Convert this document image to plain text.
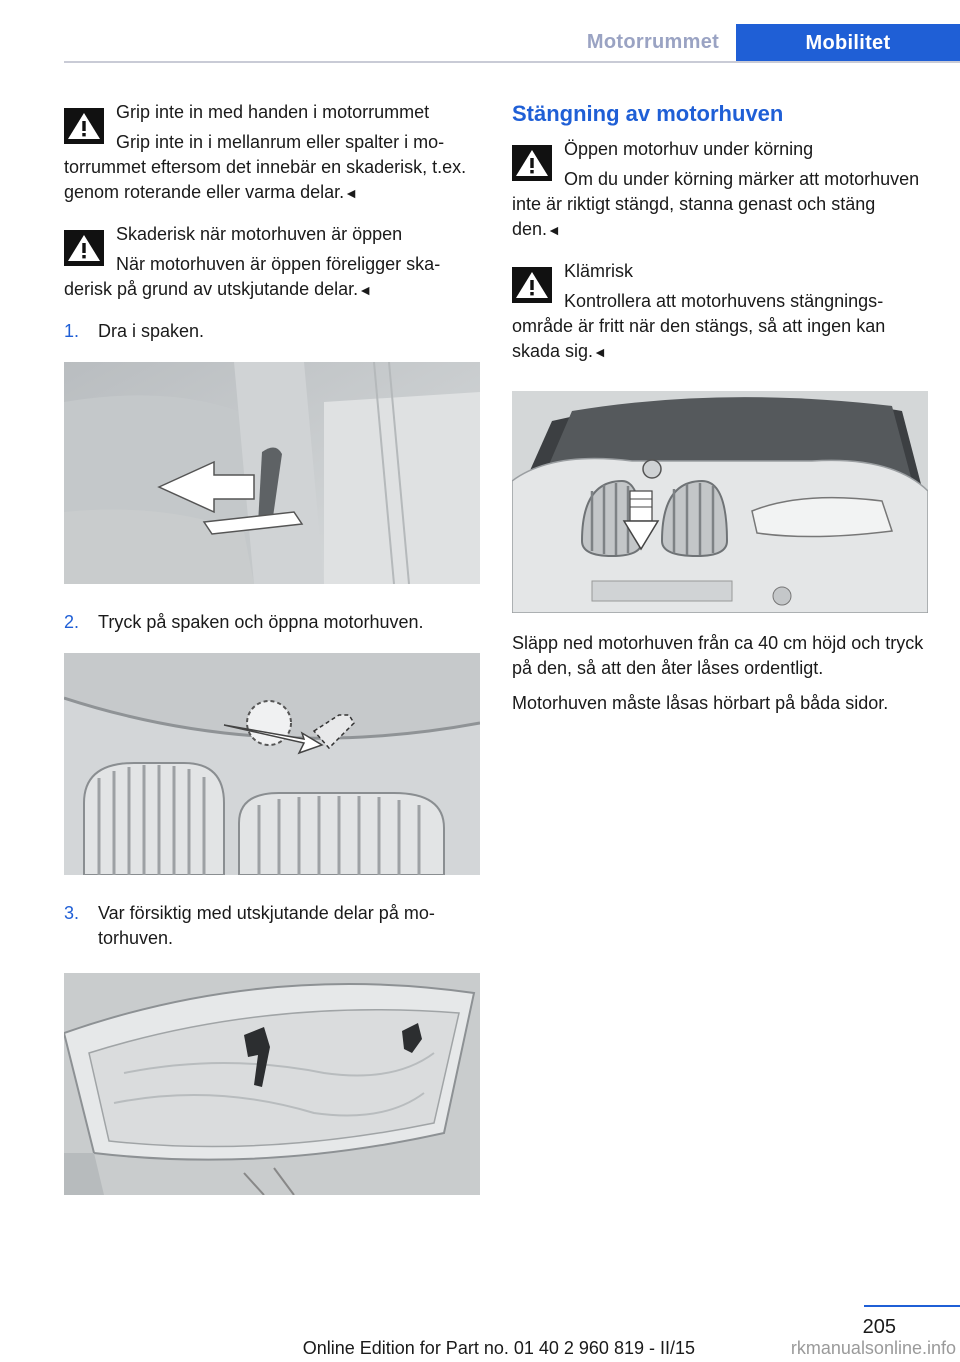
Motorrummet	Mobilitet

Grip inte in med handen i motorrummet

Grip inte in i mellanrum eller spalter i motorrummet eftersom det innebär en skaderisk, t.ex. genom roterande eller varma delar.◄

Skaderisk när motorhuven är öppen

När motorhuven är öppen föreligger skaderisk på grund av utskjutande delar.◄

1.	Dra i spaken.
2.	Tryck på spaken och öppna motorhuven.
3.	Var försiktig med utskjutande delar på motorhuven.
Stängning av motorhuven

Öppen motorhuv under körning

Om du under körning märker att motorhuven inte är riktigt stängd, stanna genast och stäng den.◄

Klämrisk

Kontrollera att motorhuvens stängningsområde är fritt när den stängs, så att ingen kan skada sig.◄

Släpp ned motorhuven från ca 40 cm höjd och tryck på den, så att den åter låses ordentligt.

Motorhuven måste låsas hörbart på båda sidor.

205
Online Edition for Part no. 01 40 2 960 819 - II/15	rkmanualsonline.info
